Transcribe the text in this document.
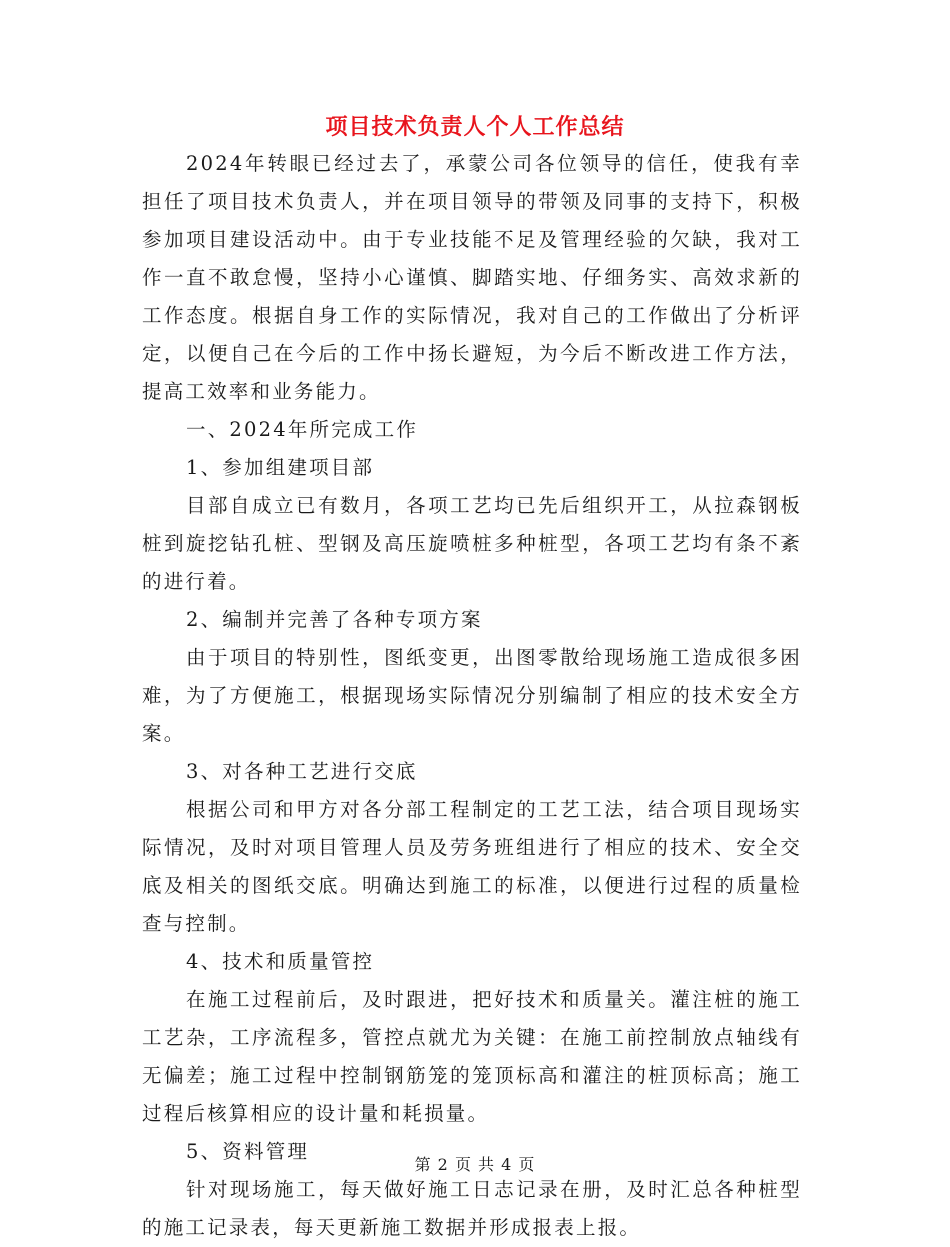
项目技术负责人个人工作总结

2024年转眼已经过去了，承蒙公司各位领导的信任，使我有幸担任了项目技术负责人，并在项目领导的带领及同事的支持下，积极参加项目建设活动中。由于专业技能不足及管理经验的欠缺，我对工作一直不敢怠慢，坚持小心谨慎、脚踏实地、仔细务实、高效求新的工作态度。根据自身工作的实际情况，我对自己的工作做出了分析评定，以便自己在今后的工作中扬长避短，为今后不断改进工作方法，提高工效率和业务能力。

一、2024年所完成工作

1、参加组建项目部

目部自成立已有数月，各项工艺均已先后组织开工，从拉森钢板桩到旋挖钻孔桩、型钢及高压旋喷桩多种桩型，各项工艺均有条不紊的进行着。

2、编制并完善了各种专项方案

由于项目的特别性，图纸变更，出图零散给现场施工造成很多困难，为了方便施工，根据现场实际情况分别编制了相应的技术安全方案。

3、对各种工艺进行交底

根据公司和甲方对各分部工程制定的工艺工法，结合项目现场实际情况，及时对项目管理人员及劳务班组进行了相应的技术、安全交底及相关的图纸交底。明确达到施工的标准，以便进行过程的质量检查与控制。

4、技术和质量管控

在施工过程前后，及时跟进，把好技术和质量关。灌注桩的施工工艺杂，工序流程多，管控点就尤为关键：在施工前控制放点轴线有无偏差；施工过程中控制钢筋笼的笼顶标高和灌注的桩顶标高；施工过程后核算相应的设计量和耗损量。

5、资料管理

针对现场施工，每天做好施工日志记录在册，及时汇总各种桩型的施工记录表，每天更新施工数据并形成报表上报。

第 2 页 共 4 页
